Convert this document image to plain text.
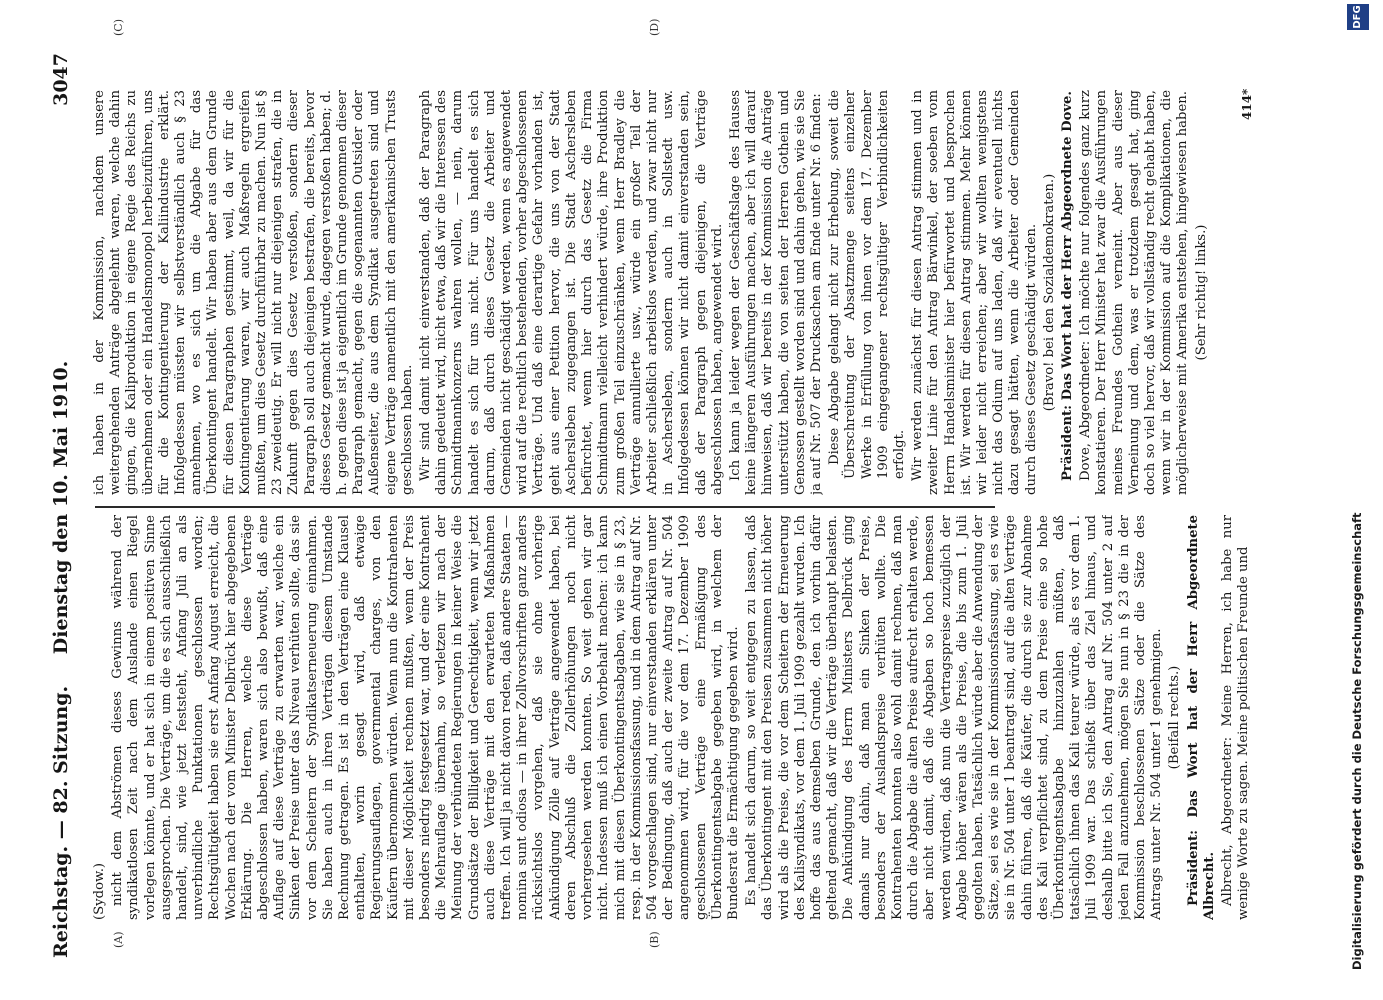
Reichstag. — 82. Sitzung.
Dienstag den 10. Mai 1910.
3047
(A)	(B)
(C)	(D)

(Sydow.) nicht dem Abströmen dieses Gewinns während der syndikatlosen Zeit nach dem Auslande einen Riegel vorlegen könnte, und er hat sich in einem positiven Sinne ausgesprochen. Die Verträge, um die es sich ausschließlich handelt, sind, wie jetzt feststeht, Anfang Juli an als unverbindliche Punktationen geschlossen worden; Rechtsgültigkeit haben sie erst Anfang August erreicht, die Wochen nach der vom Minister Delbrück hier abgegebenen Erklärung. Die Herren, welche diese Verträge abgeschlossen haben, waren sich also bewußt, daß eine Auflage auf diese Verträge zu erwarten war, welche ein Sinken der Preise unter das Niveau verhüten sollte, das sie vor dem Scheitern der Syndikatserneuerung einnahmen. Sie haben auch in ihren Verträgen diesem Umstande Rechnung getragen. Es ist in den Verträgen eine Klausel enthalten, worin gesagt wird, daß etwaige Regierungsauflagen, governmental charges, von den Käufern übernommen würden. Wenn nun die Kontrahenten mit dieser Möglichkeit rechnen mußten, wenn der Preis besonders niedrig festgesetzt war, und der eine Kontrahent die Mehrauflage übernahm, so verletzen wir nach der Meinung der verbündeten Regierungen in keiner Weise die Grundsätze der Billigkeit und Gerechtigkeit, wenn wir jetzt auch diese Verträge mit den erwarteten Maßnahmen treffen. Ich will ja nicht davon reden, daß andere Staaten — nomina sunt odiosa — in ihrer Zollvorschriften ganz anders rücksichtslos vorgehen, daß sie ohne vorherige Ankündigung Zölle auf Verträge angewendet haben, bei deren Abschluß die Zollerhöhungen noch nicht vorhergesehen werden konnten. So weit gehen wir gar nicht. Indessen muß ich einen Vorbehalt machen: ich kann mich mit diesen Überkontingentsabgaben, wie sie in § 23, resp. in der Kommissionsfassung, und in dem Antrag auf Nr. 504 vorgeschlagen sind, nur einverstanden erklären unter der Bedingung, daß auch der zweite Antrag auf Nr. 504 angenommen wird, für die vor dem 17. Dezember 1909 geschlossenen Verträge eine Ermäßigung des Überkontingentsabgabe gegeben wird, in welchem der Bundesrat die Ermächtigung gegeben wird. Es handelt sich darum, so weit entgegen zu lassen, daß das Überkontingent mit den Preisen zusammen nicht höher wird als die Preise, die vor dem Scheitern der Erneuerung des Kalisyndikats, vor dem 1. Juli 1909 gezahlt wurden. Ich hoffe das aus demselben Grunde, den ich vorhin dafür geltend gemacht, daß wir die Verträge überhaupt belasten. Die Ankündigung des Herrn Ministers Delbrück ging damals nur dahin, daß man ein Sinken der Preise, besonders der Auslandspreise verhüten wollte. Die Kontrahenten konnten also wohl damit rechnen, daß man durch die Abgabe die alten Preise aufrecht erhalten werde, aber nicht damit, daß die Abgaben so hoch bemessen werden würden, daß nun die Vertragspreise zuzüglich der Abgabe höher wären als die Preise, die bis zum 1. Juli gegolten haben. Tatsächlich würde aber die Anwendung der Sätze, sei es wie sie in der Kommissionsfassung, sei es wie sie in Nr. 504 unter 1 beantragt sind, auf die alten Verträge dahin führen, daß die Käufer, die durch sie zur Abnahme des Kali verpflichtet sind, zu dem Preise eine so hohe Überkontingentsabgabe hinzuzahlen müßten, daß tatsächlich ihnen das Kali teurer würde, als es vor dem 1. Juli 1909 war. Das schießt über das Ziel hinaus, und deshalb bitte ich Sie, den Antrag auf Nr. 504 unter 2 auf jeden Fall anzunehmen, mögen Sie nun in § 23 die in der Kommission beschlossenen Sätze oder die Sätze des Antrags unter Nr. 504 unter 1 genehmigen. (Beifall rechts.) Präsident: Das Wort hat der Herr Abgeordnete Albrecht. Albrecht, Abgeordneter: Meine Herren, ich habe nur wenige Worte zu sagen. Meine politischen Freunde und

ich haben in der Kommission, nachdem unsere weitergehenden Anträge abgelehnt waren, welche dahin gingen, die Kaliproduktion in eigene Regie des Reichs zu übernehmen oder ein Handelsmonopol herbeizuführen, uns für die Kontingentierung der Kaliindustrie erklärt. Infolgedessen müssten wir selbstverständlich auch § 23 annehmen, wo es sich um die Abgabe für das Überkontingent handelt. Wir haben aber aus dem Grunde für diesen Paragraphen gestimmt, weil, da wir für die Kontingentierung waren, wir auch Maßregeln ergreifen mußten, um dies Gesetz durchführbar zu machen. Nun ist § 23 zweideutig. Er will nicht nur diejenigen strafen, die in Zukunft gegen dies Gesetz verstoßen, sondern dieser Paragraph soll auch diejenigen bestrafen, die bereits, bevor dieses Gesetz gemacht wurde, dagegen verstoßen haben; d. h. gegen diese ist ja eigentlich im Grunde genommen dieser Paragraph gemacht, gegen die sogenannten Outsider oder Außenseiter, die aus dem Syndikat ausgetreten sind und eigene Verträge namentlich mit den amerikanischen Trusts geschlossen haben. Wir sind damit nicht einverstanden, daß der Paragraph dahin gedeutet wird, nicht etwa, daß wir die Interessen des Schmidtmannkonzerns wahren wollen, — nein, darum handelt es sich für uns nicht. Für uns handelt es sich darum, daß durch dieses Gesetz die Arbeiter und Gemeinden nicht geschädigt werden, wenn es angewendet wird auf die rechtlich bestehenden, vorher abgeschlossenen Verträge. Und daß eine derartige Gefahr vorhanden ist, geht aus einer Petition hervor, die uns von der Stadt Aschersleben zugegangen ist. Die Stadt Aschersleben befürchtet, wenn hier durch das Gesetz die Firma Schmidtmann vielleicht verhindert würde, ihre Produktion zum großen Teil einzuschränken, wenn Herr Bradley die Verträge annullierte usw., würde ein großer Teil der Arbeiter schließlich arbeitslos werden, und zwar nicht nur in Aschersleben, sondern auch in Sollstedt usw. Infolgedessen können wir nicht damit einverstanden sein, daß der Paragraph gegen diejenigen, die Verträge abgeschlossen haben, angewendet wird. Ich kann ja leider wegen der Geschäftslage des Hauses keine längeren Ausführungen machen, aber ich will darauf hinweisen, daß wir bereits in der Kommission die Anträge unterstützt haben, die von seiten der Herren Gothein und Genossen gestellt worden sind und dahin gehen, wie sie Sie ja auf Nr. 507 der Drucksachen am Ende unter Nr. 6 finden: Diese Abgabe gelangt nicht zur Erhebung, soweit die Überschreitung der Absatzmenge seitens einzelner Werke in Erfüllung von ihnen vor dem 17. Dezember 1909 eingegangener rechtsgültiger Verbindlichkeiten erfolgt. Wir werden zunächst für diesen Antrag stimmen und in zweiter Linie für den Antrag Bärwinkel, der soeben vom Herrn Handelsminister hier befürwortet und besprochen ist. Wir werden für diesen Antrag stimmen. Mehr können wir leider nicht erreichen; aber wir wollten wenigstens nicht das Odium auf uns laden, daß wir eventuell nichts dazu gesagt hätten, wenn die Arbeiter oder Gemeinden durch dieses Gesetz geschädigt würden. (Bravo! bei den Sozialdemokraten.) Präsident: Das Wort hat der Herr Abgeordnete Dove. Dove, Abgeordneter: Ich möchte nur folgendes ganz kurz konstatieren. Der Herr Minister hat zwar die Ausführungen meines Freundes Gothein verneint. Aber aus dieser Verneinung und dem, was er trotzdem gesagt hat, ging doch so viel hervor, daß wir vollständig recht gehabt haben, wenn wir in der Kommission auf die Komplikationen, die möglicherweise mit Amerika entstehen, hingewiesen haben. (Sehr richtig! links.)

414*
Digitalisierung gefördert durch die Deutsche Forschungsgemeinschaft
DFG
